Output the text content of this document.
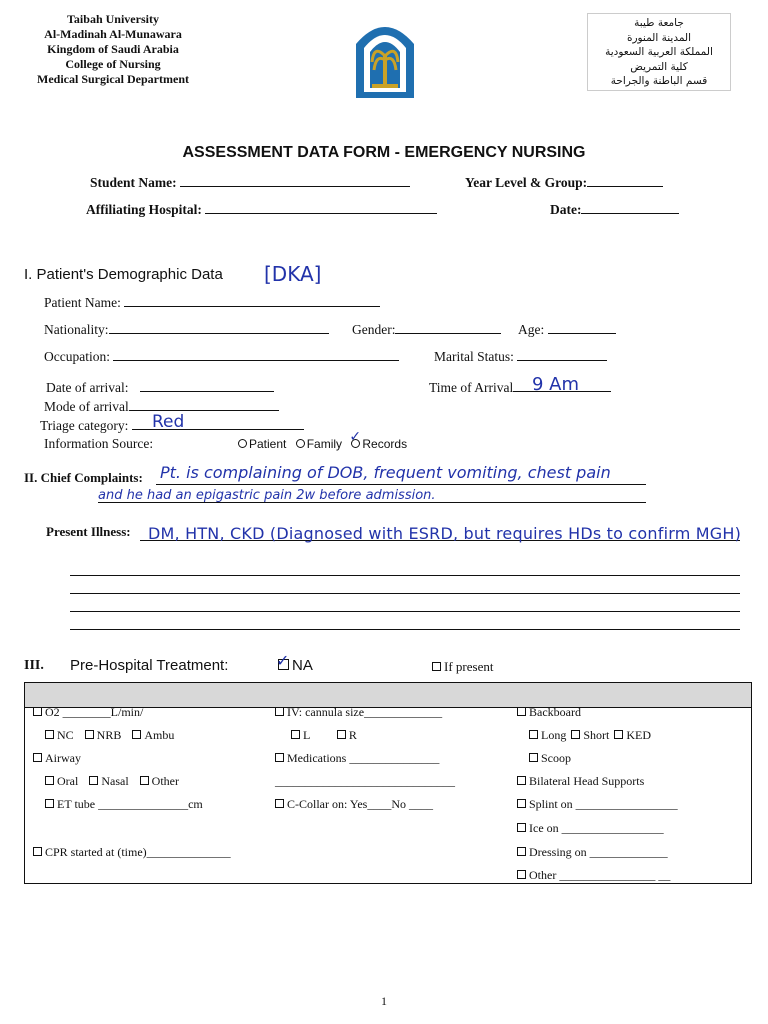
Taibah University
Al-Madinah Al-Munawara
Kingdom of Saudi Arabia
College of Nursing
Medical Surgical Department
جامعة طيبة
المدينة المنورة
المملكة العربية السعودية
كلية التمريض
قسم الباطنة والجراحة
ASSESSMENT DATA FORM - EMERGENCY NURSING
Student Name:	Year Level & Group:
Affiliating Hospital:	Date:
I. Patient's Demographic Data [DKA]
Patient Name:
Nationality:	Gender:	Age:
Occupation:	Marital Status:
Date of arrival:	Time of Arrival	9 Am
Mode of arrival
Triage category:	Red
Information Source:	Patient Family ✓ Records
II. Chief Complaints: Pt. is complaining of DOB, frequent vomiting, chest pain
and he had an epigastric pain 2w before admission.
Present Illness: DM, HTN, CKD (Diagnosed with ESRD, but requires HDs to confirm MGH)
III. Pre-Hospital Treatment:	✓ NA	If present
O2 ________L/min/
NC NRB Ambu
Airway
Oral Nasal Other
ET tube _______________cm
CPR started at (time)______________
IV: cannula size_____________
L	R
Medications _______________
______________________________
C-Collar on: Yes____No ____
Backboard
Long Short KED
Scoop
Bilateral Head Supports
Splint on _________________
Ice on _________________
Dressing on _____________
Other ________________ __
1
